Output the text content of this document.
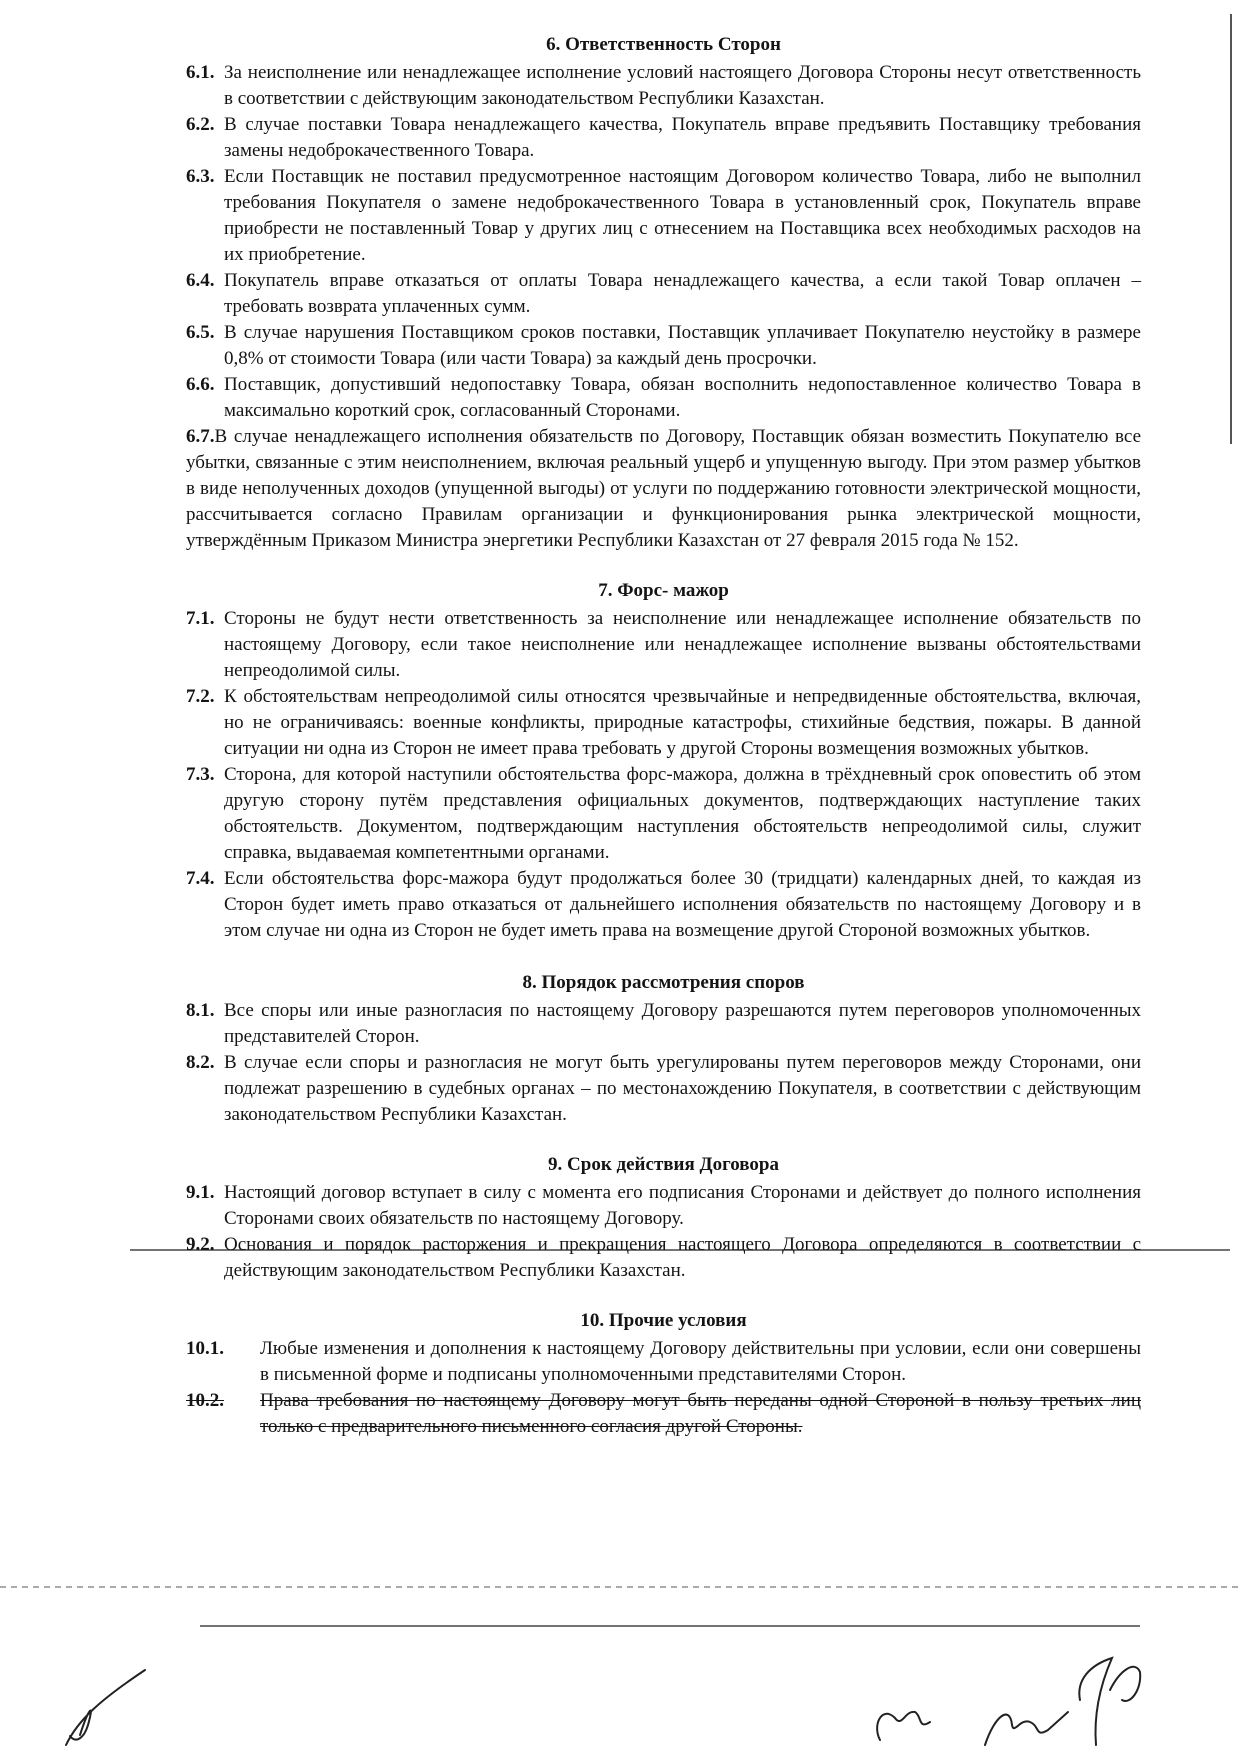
6. Ответственность Сторон
6.1. За неисполнение или ненадлежащее исполнение условий настоящего Договора Стороны несут ответственность в соответствии с действующим законодательством Республики Казахстан.
6.2. В случае поставки Товара ненадлежащего качества, Покупатель вправе предъявить Поставщику требования замены недоброкачественного Товара.
6.3. Если Поставщик не поставил предусмотренное настоящим Договором количество Товара, либо не выполнил требования Покупателя о замене недоброкачественного Товара в установленный срок, Покупатель вправе приобрести не поставленный Товар у других лиц с отнесением на Поставщика всех необходимых расходов на их приобретение.
6.4. Покупатель вправе отказаться от оплаты Товара ненадлежащего качества, а если такой Товар оплачен – требовать возврата уплаченных сумм.
6.5. В случае нарушения Поставщиком сроков поставки, Поставщик уплачивает Покупателю неустойку в размере 0,8% от стоимости Товара (или части Товара) за каждый день просрочки.
6.6. Поставщик, допустивший недопоставку Товара, обязан восполнить недопоставленное количество Товара в максимально короткий срок, согласованный Сторонами.
6.7.В случае ненадлежащего исполнения обязательств по Договору, Поставщик обязан возместить Покупателю все убытки, связанные с этим неисполнением, включая реальный ущерб и упущенную выгоду. При этом размер убытков в виде неполученных доходов (упущенной выгоды) от услуги по поддержанию готовности электрической мощности, рассчитывается согласно Правилам организации и функционирования рынка электрической мощности, утверждённым Приказом Министра энергетики Республики Казахстан от 27 февраля 2015 года № 152.
7. Форс- мажор
7.1. Стороны не будут нести ответственность за неисполнение или ненадлежащее исполнение обязательств по настоящему Договору, если такое неисполнение или ненадлежащее исполнение вызваны обстоятельствами непреодолимой силы.
7.2. К обстоятельствам непреодолимой силы относятся чрезвычайные и непредвиденные обстоятельства, включая, но не ограничиваясь: военные конфликты, природные катастрофы, стихийные бедствия, пожары. В данной ситуации ни одна из Сторон не имеет права требовать у другой Стороны возмещения возможных убытков.
7.3. Сторона, для которой наступили обстоятельства форс-мажора, должна в трёхдневный срок оповестить об этом другую сторону путём представления официальных документов, подтверждающих наступление таких обстоятельств. Документом, подтверждающим наступления обстоятельств непреодолимой силы, служит справка, выдаваемая компетентными органами.
7.4. Если обстоятельства форс-мажора будут продолжаться более 30 (тридцати) календарных дней, то каждая из Сторон будет иметь право отказаться от дальнейшего исполнения обязательств по настоящему Договору и в этом случае ни одна из Сторон не будет иметь права на возмещение другой Стороной возможных убытков.
8. Порядок рассмотрения споров
8.1. Все споры или иные разногласия по настоящему Договору разрешаются путем переговоров уполномоченных представителей Сторон.
8.2. В случае если споры и разногласия не могут быть урегулированы путем переговоров между Сторонами, они подлежат разрешению в судебных органах – по местонахождению Покупателя, в соответствии с действующим законодательством Республики Казахстан.
9. Срок действия Договора
9.1. Настоящий договор вступает в силу с момента его подписания Сторонами и действует до полного исполнения Сторонами своих обязательств по настоящему Договору.
9.2. Основания и порядок расторжения и прекращения настоящего Договора определяются в соответствии с действующим законодательством Республики Казахстан.
10. Прочие условия
10.1.	Любые изменения и дополнения к настоящему Договору действительны при условии, если они совершены в письменной форме и подписаны уполномоченными представителями Сторон.
10.2.	Права требования по настоящему Договору могут быть переданы одной Стороной в пользу третьих лиц только с предварительного письменного согласия другой Стороны.
